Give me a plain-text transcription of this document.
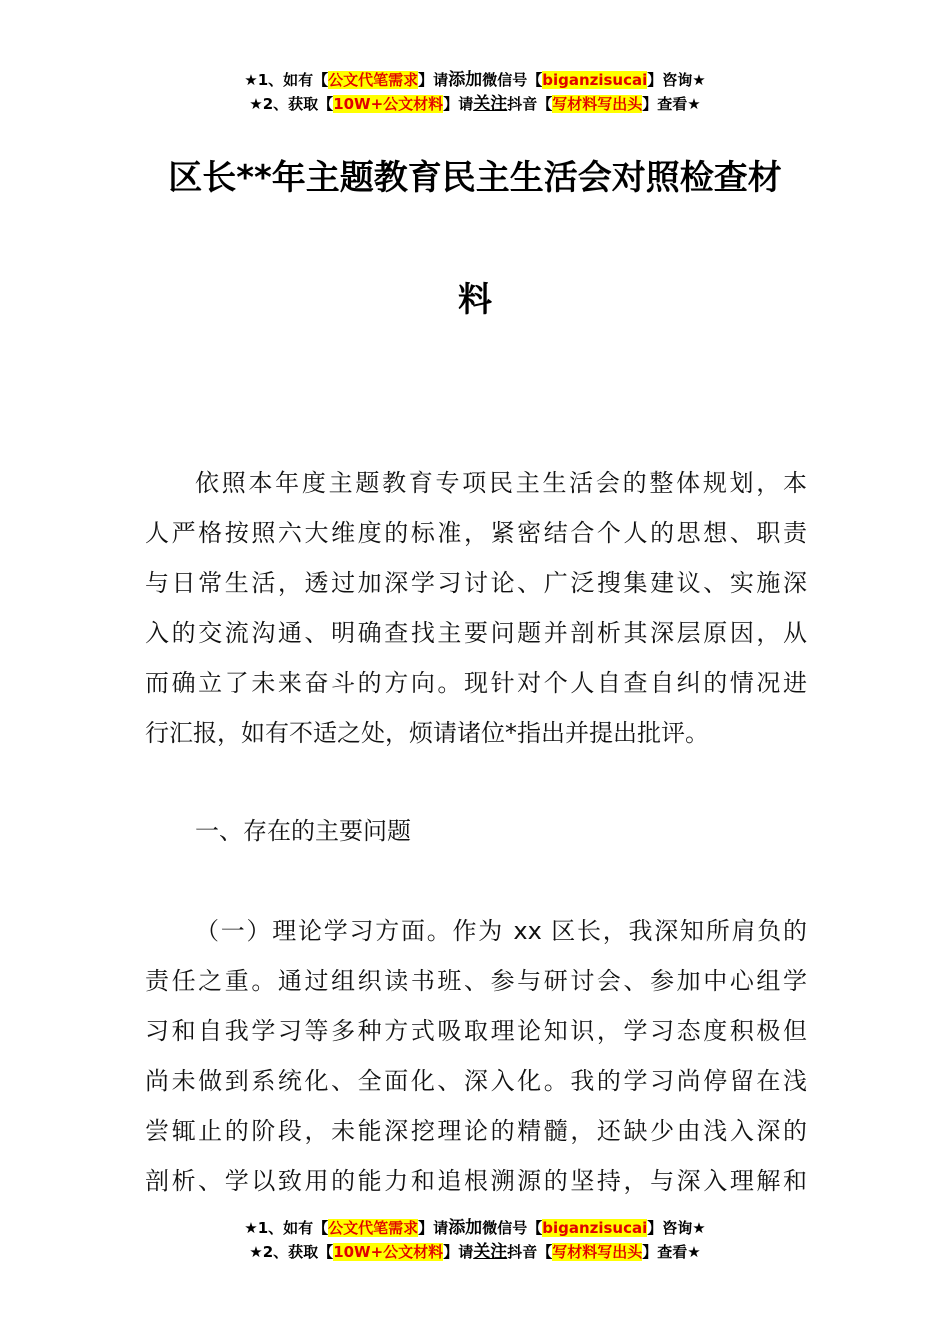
★1、如有【公文代笔需求】请添加微信号【biganzisucai】咨询★
★2、获取【10W+公文材料】请关注抖音【写材料写出头】查看★
区长**年主题教育民主生活会对照检查材
料
依照本年度主题教育专项民主生活会的整体规划，本
人严格按照六大维度的标准，紧密结合个人的思想、职责
与日常生活，透过加深学习讨论、广泛搜集建议、实施深
入的交流沟通、明确查找主要问题并剖析其深层原因，从
而确立了未来奋斗的方向。现针对个人自查自纠的情况进
行汇报，如有不适之处，烦请诸位*指出并提出批评。
一、存在的主要问题
（一）理论学习方面。作为 xx 区长，我深知所肩负的
责任之重。通过组织读书班、参与研讨会、参加中心组学
习和自我学习等多种方式吸取理论知识，学习态度积极但
尚未做到系统化、全面化、深入化。我的学习尚停留在浅
尝辄止的阶段，未能深挖理论的精髓，还缺少由浅入深的
剖析、学以致用的能力和追根溯源的坚持，与深入理解和
★1、如有【公文代笔需求】请添加微信号【biganzisucai】咨询★
★2、获取【10W+公文材料】请关注抖音【写材料写出头】查看★
